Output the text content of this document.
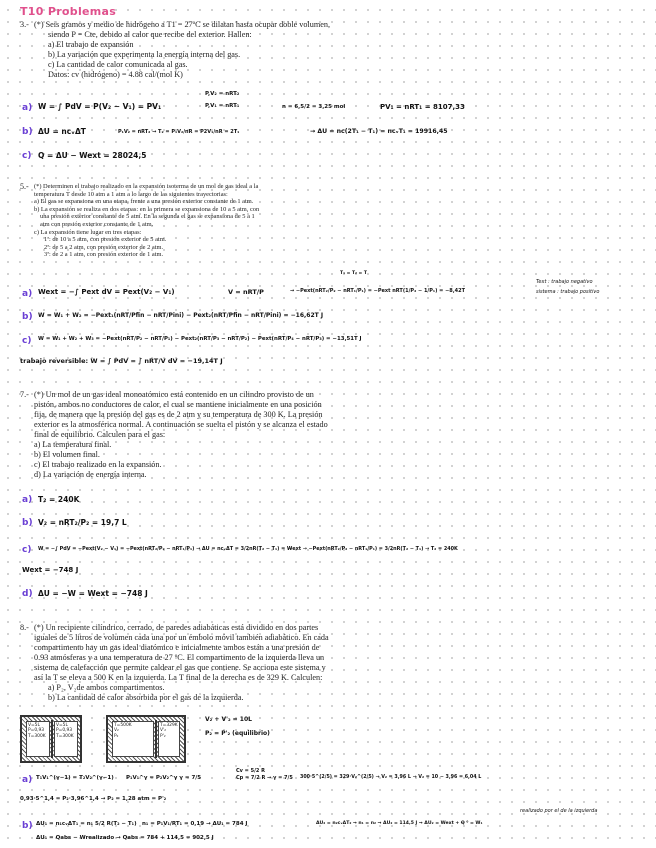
T10 Problemas
3.- (*) Seis gramos y medio de hidrógeno a T1 = 27ºC se dilatan hasta ocupar doble volumen,
siendo P = Cte, debido al calor que recibe del exterior. Hallen:
a) El trabajo de expansión
b) La variación que experimenta la energía interna del gas.
c) La cantidad de calor comunicada al gas.
Datos: cv (hidrógeno) = 4.88 cal/(mol K)
a) W = ∫ PdV = P(V₂ − V₁) = PV₁
P,V₂ = nRT₂
P,V₁ = nRT₁	n = 6,5/2 = 3,25 mol	PV₁ = nRT₁ = 8107,33
b) ΔU = ncᵥΔT	P₁V₂ = nRT₂ → T₂ = P₁V₂/nR = P2V₁/nR = 2T₁	→ ΔU = nc(2T₁ − T₁) = ncᵥT₁ = 19916,45
c) Q = ΔU − Wext = 28024,5
5.- (*) Determinen el trabajo realizado en la expansión isoterma de un mol de gas ideal a la
temperatura T desde 10 atm a 1 atm a lo largo de las siguientes trayectorias:
a) El gas se expansiona en una etapa, frente a una presión exterior constante de 1 atm.
b) La expansión se realiza en dos etapas: en la primera se expansiona de 10 a 5 atm, con
una presión exterior constante de 5 atm. En la segunda el gas se expansiona de 5 a 1
atm con presión exterior constante de 1 atm.
c) La expansión tiene lugar en tres etapas:
1ª: de 10 a 5 atm, con presión exterior de 5 atm.
2ª: de 5 a 2 atm, con presión exterior de 2 atm.
3ª: de 2 a 1 atm, con presión exterior de 1 atm.
T₁ = T₂ = T
a) Wext = −∫ Pext dV = Pext(V₂ − V₁)	V = nRT/P	→ −Pext(nRT₂/P₂ − nRT₁/P₁) = −Pext nRT(1/P₂ − 1/P₁) = −8,42T
Text : trabajo negativo
sistema : trabajo positivo
b) W = W₁ + W₂ = −Pext₁(nRT/Pfin − nRT/Pini) − Pext₂(nRT/Pfin − nRT/Pini) = −16,62T J
c) W = W₁ + W₂ + W₃ = −Pext(nRT/P₂ − nRT/P₁) − Pext₂(nRT/P₃ − nRT/P₂) − Pext(nRT/P₄ − nRT/P₃) = −13,51T J
trabajo reversible: W = ∫ PdV = ∫ nRT/V dV = −19,14T J
7.- (*) Un mol de un gas ideal monoatómico está contenido en un cilindro provisto de un
pistón, ambos no conductores de calor, el cual se mantiene inicialmente en una posición
fija, de manera que la presión del gas es de 2 atm y su temperatura de 300 K. La presión
exterior es la atmosférica normal. A continuación se suelta el pistón y se alcanza el estado
final de equilibrio. Calculen para el gas:
a) La temperatura final.
b) El volumen final.
c) El trabajo realizado en la expansión.
d) La variación de energía interna.
a) T₂ = 240K
b) V₂ = nRT₂/P₂ = 19,7 L
c) W = −∫ PdV = −Pext(V₂ − V₁) = −Pext(nRT₂/P₂ − nRT₁/P₁) → ΔU = ncᵥΔT = 3/2nR(T₂ − T₁) = W̶ext → −Pext(nRT₂/P₂ − nRT₁/P₁) = 3/2nR(T₂ − T₁) → T₂ = 240K
Wext = −748 J
d) ΔU = −W = Wext = −748 J
8.- (*) Un recipiente cilíndrico, cerrado, de paredes adiabáticas está dividido en dos partes
iguales de 5 litros de volumen cada una por un émbolo móvil también adiabático. En cada
compartimento hay un gas ideal diatómico e inicialmente ambos están a una presión de
0.93 atmósferas y a una temperatura de 27 ºC. El compartimento de la izquierda lleva un
sistema de calefacción que permite caldear el gas que contiene. Se acciona este sistema y
así la T se eleva a 500 K en la izquierda. La T final de la derecha es de 329 K. Calculen:
a) P₂, V₂de ambos compartimentos.
b) La cantidad de calor absorbida por el gas de la izquierda.
V=5L
P=0,93
T=300K
V=5L
P=0,93
T=300K
T=500K
V₂
P₂
T=329K
V'₂
P'₂
V₂ + V'₂ = 10L
P₂ = P'₂ (equilibrio)
a) T₁V₁^(γ−1) = T₂V₂^(γ−1) P₁V₁^γ = P₂V₂^γ γ = 7/5
Cv = 5/2 R
Cp = 7/2 R → γ = 7/5 300·5^(2/5) = 329·V₂^(2/5) → V₂ = 3,96 L → V₂ = 10 − 3,96 = 6,04 L
0,93·5^1,4 = P₂·3,96^1,4 → P₂ = 1,28 atm = P'₂
realizado por el de la izquierda
b) ΔU₁ = n₁cᵥΔT₁ = n₁ 5/2 R(T₂ − T₁) n₁ = P₁V₁/RT₁ = 0,19 → ΔU₁ = 784 J
ΔU₁ = Qabs − Wrealizado → Qabs = 784 + 114,5 = 902,5 J
ΔU₂ = n₂cᵥΔT₂ → n₁ = n₂ → ΔU₂ = 114,5 J → ΔU₂ = Wext + Q̶ ⁰ = W₁
